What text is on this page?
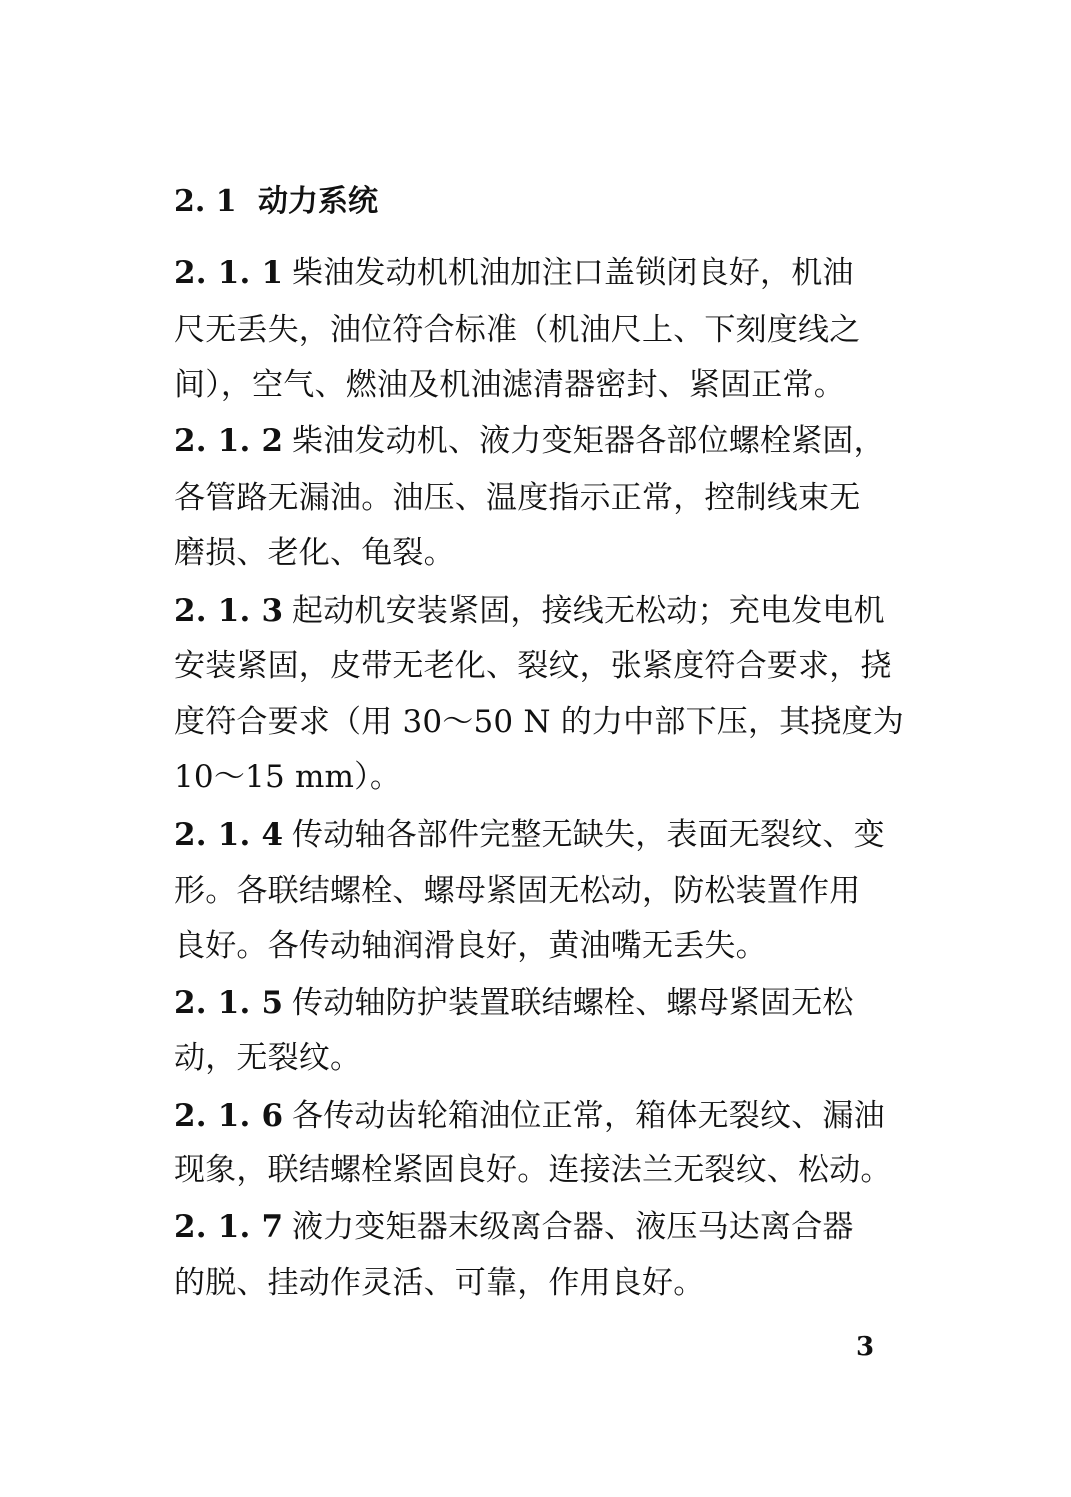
2. 1 动力系统
2. 1. 1 柴油发动机机油加注口盖锁闭良好，机油
尺无丢失，油位符合标准（机油尺上、下刻度线之
间），空气、燃油及机油滤清器密封、紧固正常。
2. 1. 2 柴油发动机、液力变矩器各部位螺栓紧固，
各管路无漏油。油压、温度指示正常，控制线束无
磨损、老化、龟裂。
2. 1. 3 起动机安装紧固，接线无松动；充电发电机
安装紧固，皮带无老化、裂纹，张紧度符合要求，挠
度符合要求（用 30～50 N 的力中部下压，其挠度为
10～15 mm）。
2. 1. 4 传动轴各部件完整无缺失，表面无裂纹、变
形。各联结螺栓、螺母紧固无松动，防松装置作用
良好。各传动轴润滑良好，黄油嘴无丢失。
2. 1. 5 传动轴防护装置联结螺栓、螺母紧固无松
动，无裂纹。
2. 1. 6 各传动齿轮箱油位正常，箱体无裂纹、漏油
现象，联结螺栓紧固良好。连接法兰无裂纹、松动。
2. 1. 7 液力变矩器末级离合器、液压马达离合器
的脱、挂动作灵活、可靠，作用良好。
3
